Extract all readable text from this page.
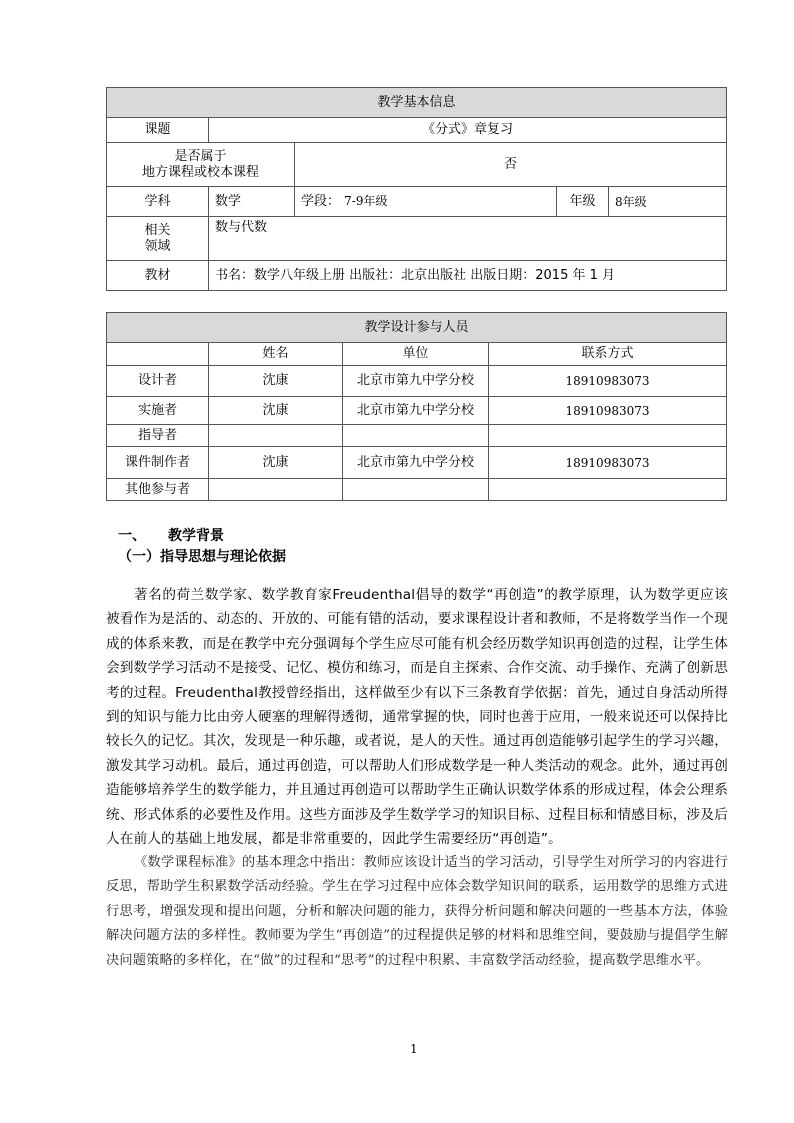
教学基本信息				
课题	《分式》章复习			

是否属于
地方课程或校本课程		否		
学科	数学	学段： 7-9年级	年级	8年级

相关
领域	数与代数			
教材	书名：数学八年级上册 出版社：北京出版社 出版日期：2015 年 1 月			
教学设计参与人员			
	姓名	单位	联系方式
设计者	沈康	北京市第九中学分校	18910983073
实施者	沈康	北京市第九中学分校	18910983073
指导者			
课件制作者	沈康	北京市第九中学分校	18910983073
其他参与者			
一、 教学背景
（一）指导思想与理论依据
著名的荷兰数学家、数学教育家Freudenthal倡导的数学“再创造”的教学原理，认为数学更应该被看作为是活的、动态的、开放的、可能有错的活动，要求课程设计者和教师，不是将数学当作一个现成的体系来教，而是在教学中充分强调每个学生应尽可能有机会经历数学知识再创造的过程，让学生体会到数学学习活动不是接受、记忆、模仿和练习，而是自主探索、合作交流、动手操作、充满了创新思考的过程。Freudenthal教授曾经指出，这样做至少有以下三条教育学依据：首先，通过自身活动所得到的知识与能力比由旁人硬塞的理解得透彻，通常掌握的快，同时也善于应用，一般来说还可以保持比较长久的记忆。其次，发现是一种乐趣，或者说，是人的天性。通过再创造能够引起学生的学习兴趣，激发其学习动机。最后，通过再创造，可以帮助人们形成数学是一种人类活动的观念。此外，通过再创造能够培养学生的数学能力，并且通过再创造可以帮助学生正确认识数学体系的形成过程，体会公理系统、形式体系的必要性及作用。这些方面涉及学生数学学习的知识目标、过程目标和情感目标，涉及后人在前人的基础上地发展，都是非常重要的，因此学生需要经历“再创造”。
《数学课程标准》的基本理念中指出：教师应该设计适当的学习活动，引导学生对所学习的内容进行反思，帮助学生积累数学活动经验。学生在学习过程中应体会数学知识间的联系，运用数学的思维方式进行思考，增强发现和提出问题，分析和解决问题的能力，获得分析问题和解决问题的一些基本方法，体验解决问题方法的多样性。教师要为学生“再创造”的过程提供足够的材料和思维空间，要鼓励与提倡学生解决问题策略的多样化，在“做”的过程和“思考”的过程中积累、丰富数学活动经验，提高数学思维水平。
1
